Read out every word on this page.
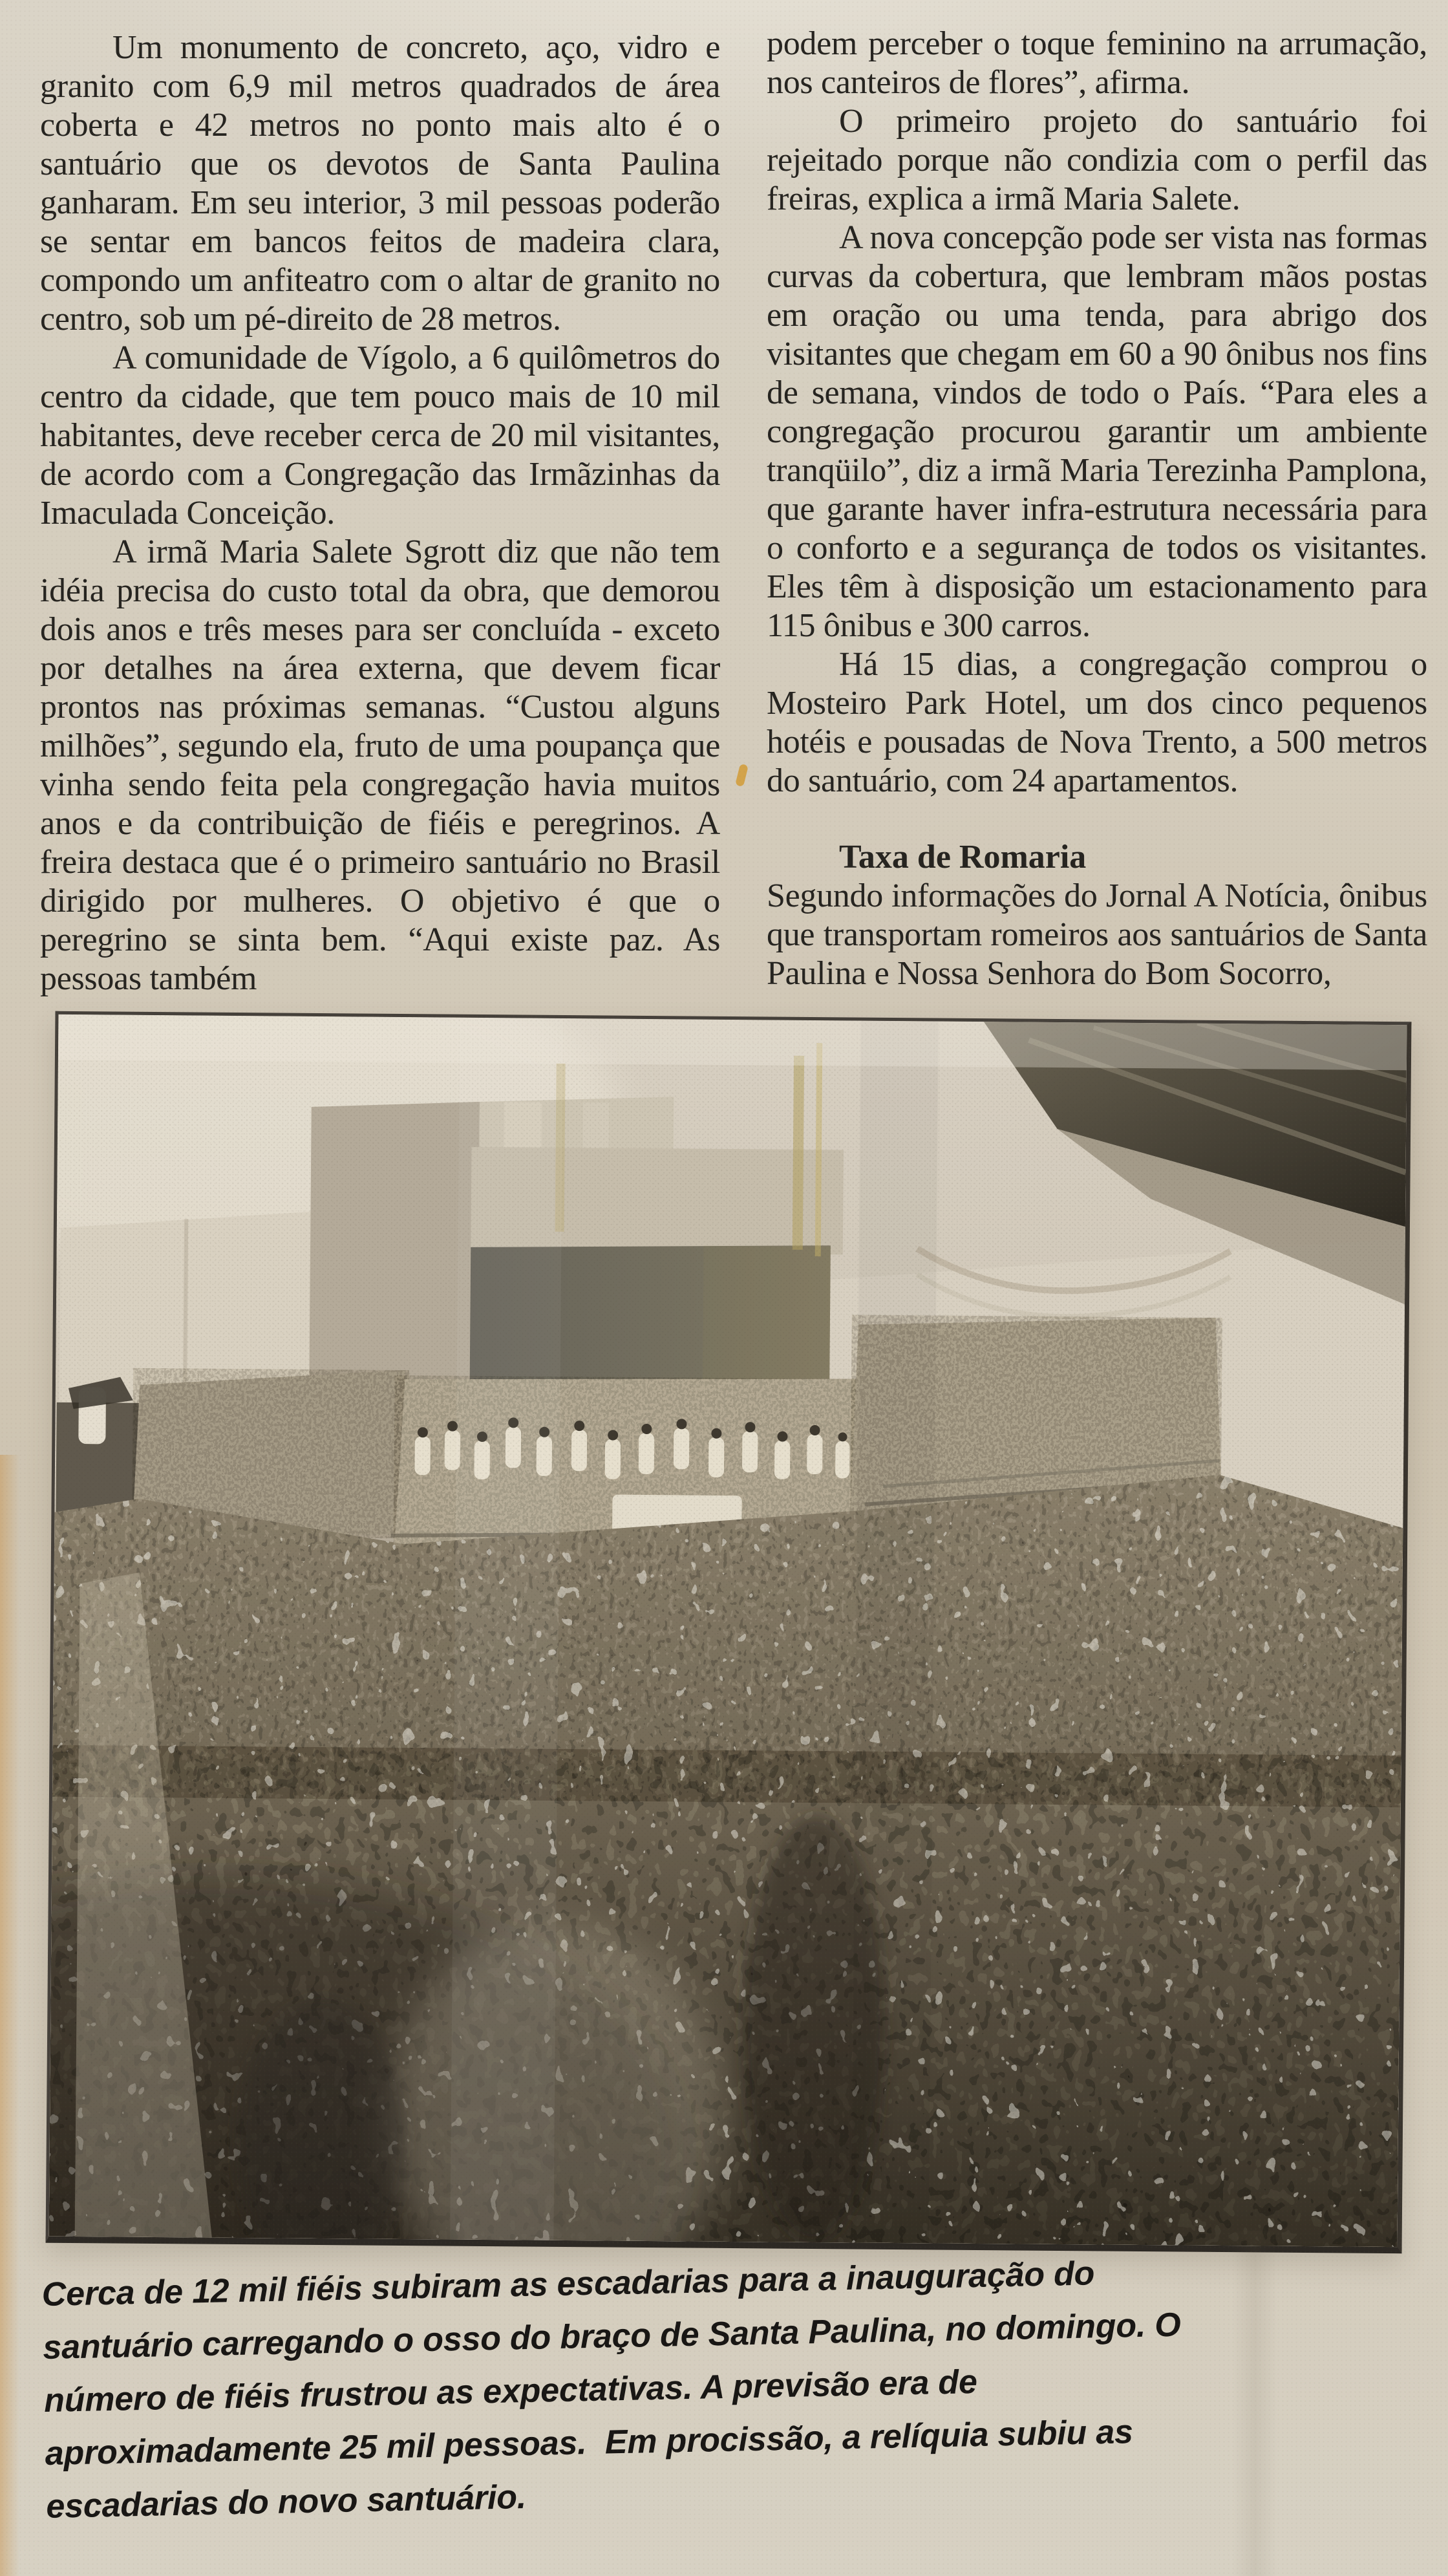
Um monumento de concreto, aço, vidro e granito com 6,9 mil metros quadrados de área coberta e 42 metros no ponto mais alto é o santuário que os devotos de Santa Paulina ganharam. Em seu interior, 3 mil pessoas poderão se sentar em bancos feitos de madeira clara, compondo um anfiteatro com o altar de granito no centro, sob um pé-direito de 28 metros.

A comunidade de Vígolo, a 6 quilômetros do centro da cidade, que tem pouco mais de 10 mil habitantes, deve receber cerca de 20 mil visitantes, de acordo com a Congregação das Irmãzinhas da Imaculada Conceição.

A irmã Maria Salete Sgrott diz que não tem idéia precisa do custo total da obra, que demorou dois anos e três meses para ser concluída - exceto por detalhes na área externa, que devem ficar prontos nas próximas semanas. “Custou alguns milhões”, segundo ela, fruto de uma poupança que vinha sendo feita pela congregação havia muitos anos e da contribuição de fiéis e peregrinos. A freira destaca que é o primeiro santuário no Brasil dirigido por mulheres. O objetivo é que o peregrino se sinta bem. “Aqui existe paz. As pessoas também

podem perceber o toque feminino na arrumação, nos canteiros de flores”, afirma.

O primeiro projeto do santuário foi rejeitado porque não condizia com o perfil das freiras, explica a irmã Maria Salete.

A nova concepção pode ser vista nas formas curvas da cobertura, que lembram mãos postas em oração ou uma tenda, para abrigo dos visitantes que chegam em 60 a 90 ônibus nos fins de semana, vindos de todo o País. “Para eles a congregação procurou garantir um ambiente tranqüilo”, diz a irmã Maria Terezinha Pamplona, que garante haver infra-estrutura necessária para o conforto e a segurança de todos os visitantes. Eles têm à disposição um estacionamento para 115 ônibus e 300 carros.

Há 15 dias, a congregação comprou o Mosteiro Park Hotel, um dos cinco pequenos hotéis e pousadas de Nova Trento, a 500 metros do santuário, com 24 apartamentos.

Taxa de Romaria

Segundo informações do Jornal A Notícia, ônibus que transportam romeiros aos santuários de Santa Paulina e Nossa Senhora do Bom Socorro,

Cerca de 12 mil fiéis subiram as escadarias para a inauguração do
santuário carregando o osso do braço de Santa Paulina, no domingo. O
número de fiéis frustrou as expectativas. A previsão era de
aproximadamente 25 mil pessoas.  Em procissão, a relíquia subiu as
escadarias do novo santuário.
